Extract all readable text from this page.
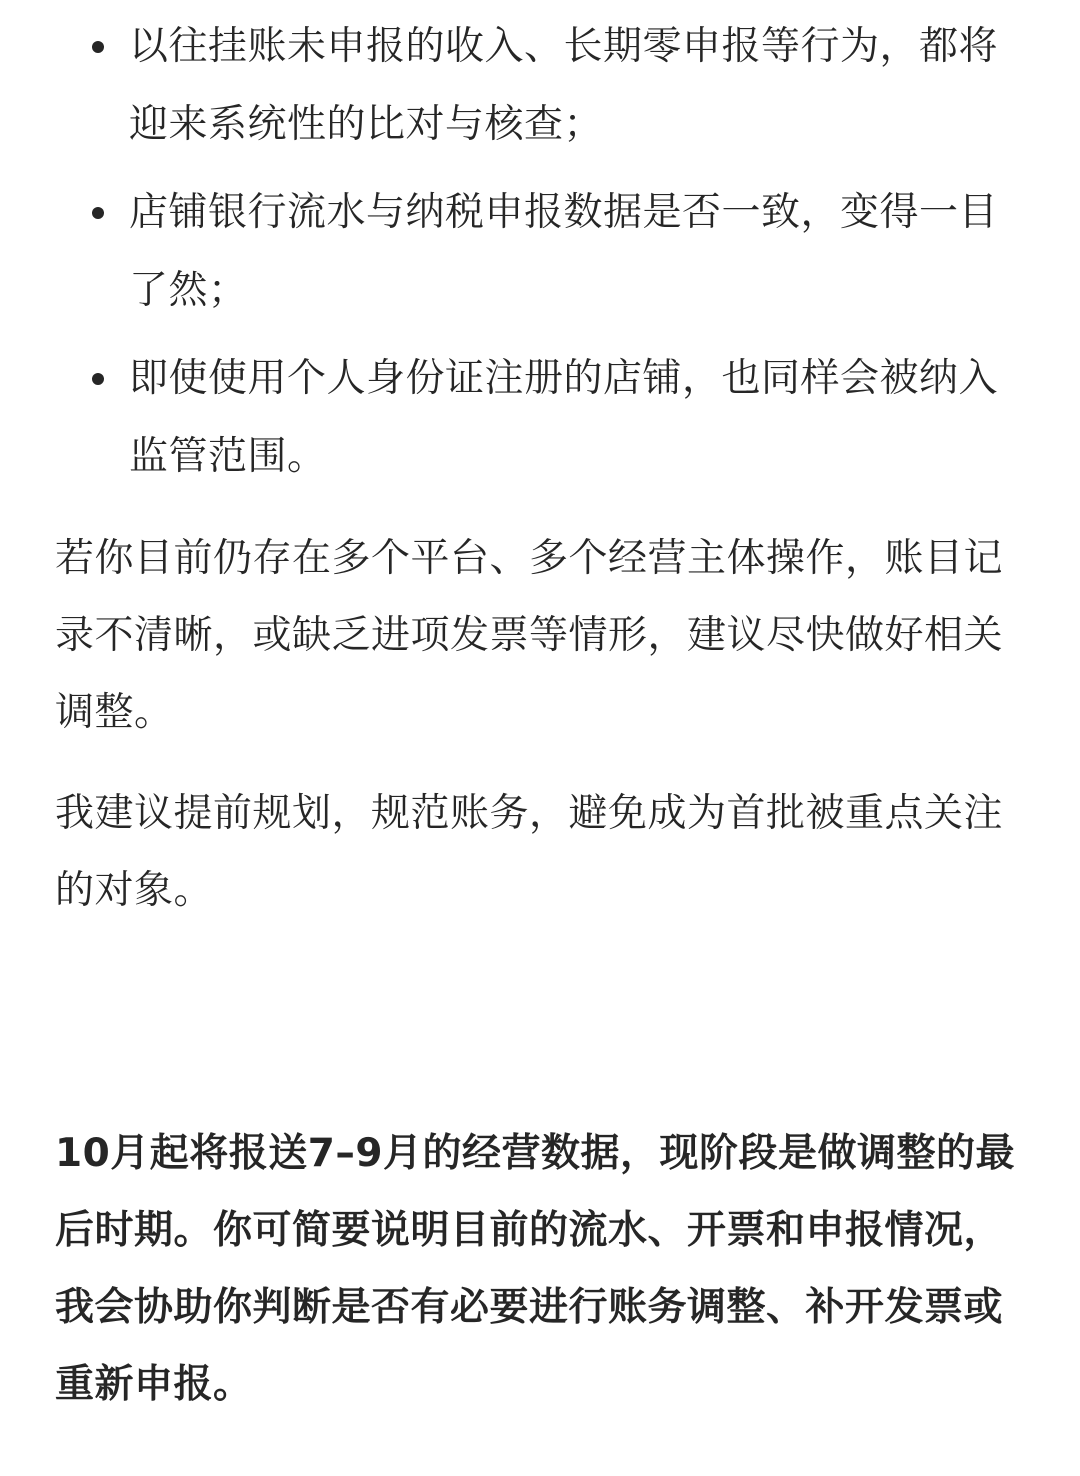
以往挂账未申报的收入、长期零申报等行为，都将迎来系统性的比对与核查；
店铺银行流水与纳税申报数据是否一致，变得一目了然；
即使使用个人身份证注册的店铺，也同样会被纳入监管范围。

若你目前仍存在多个平台、多个经营主体操作，账目记录不清晰，或缺乏进项发票等情形，建议尽快做好相关调整。

我建议提前规划，规范账务，避免成为首批被重点关注的对象。

10月起将报送7–9月的经营数据，现阶段是做调整的最后时期。你可简要说明目前的流水、开票和申报情况，我会协助你判断是否有必要进行账务调整、补开发票或重新申报。
